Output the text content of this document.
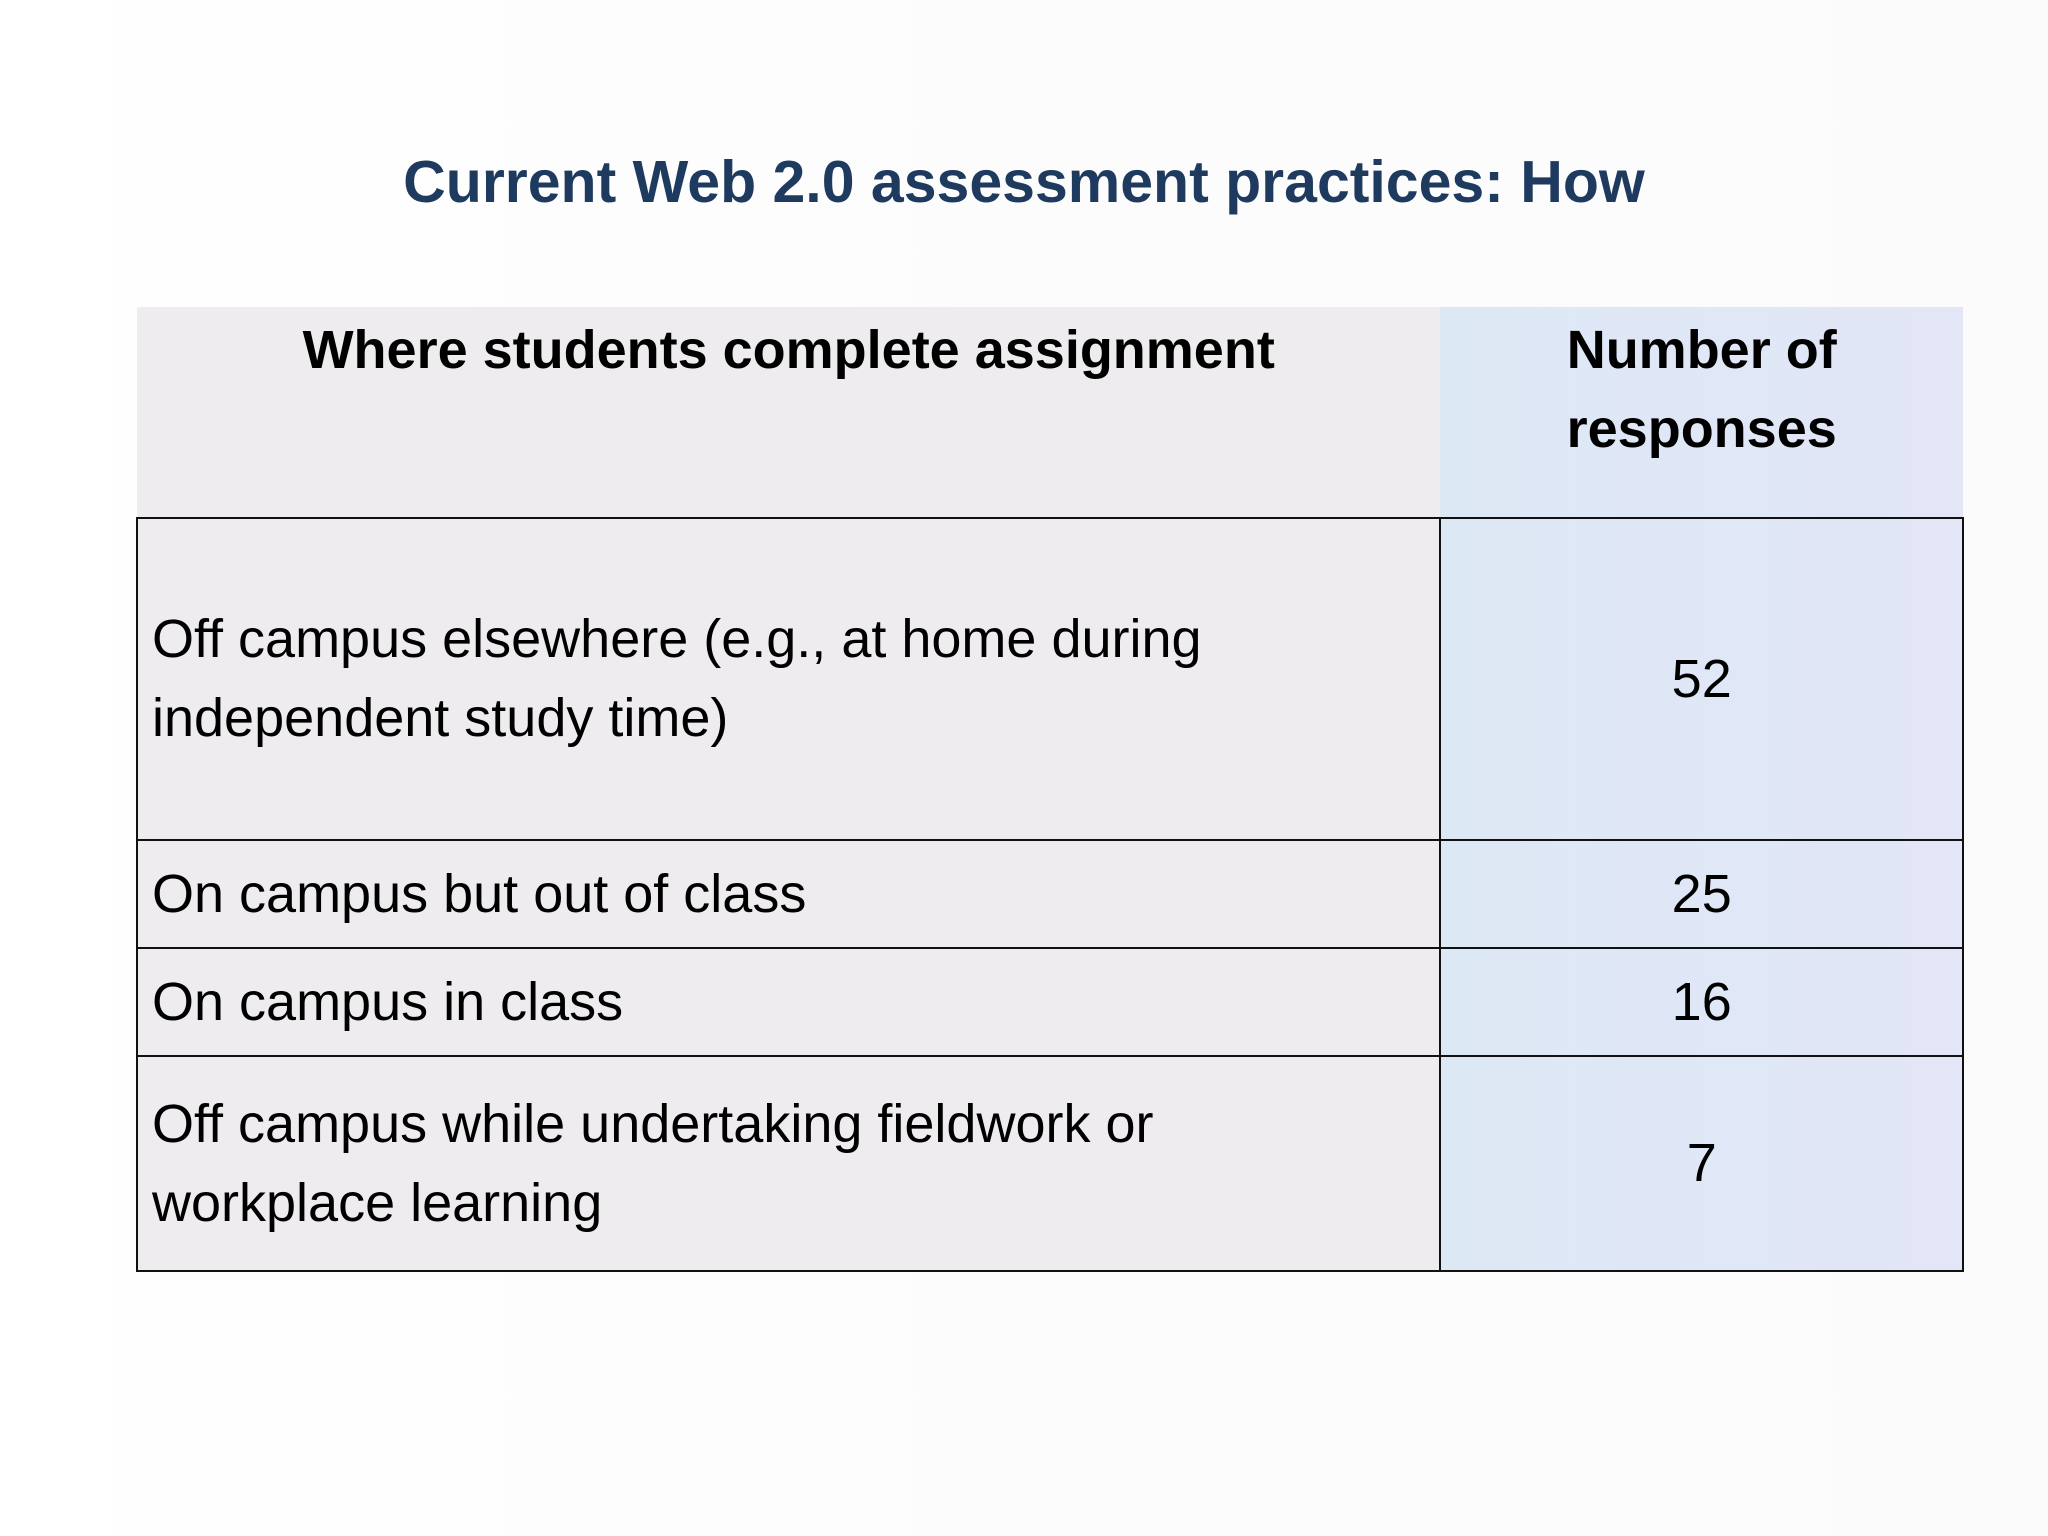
Current Web 2.0 assessment practices: How
Where students complete assignment	Number of responses
Off campus elsewhere (e.g., at home during independent study time)	52
On campus but out of class	25
On campus in class	16
Off campus while undertaking fieldwork or workplace learning	7
